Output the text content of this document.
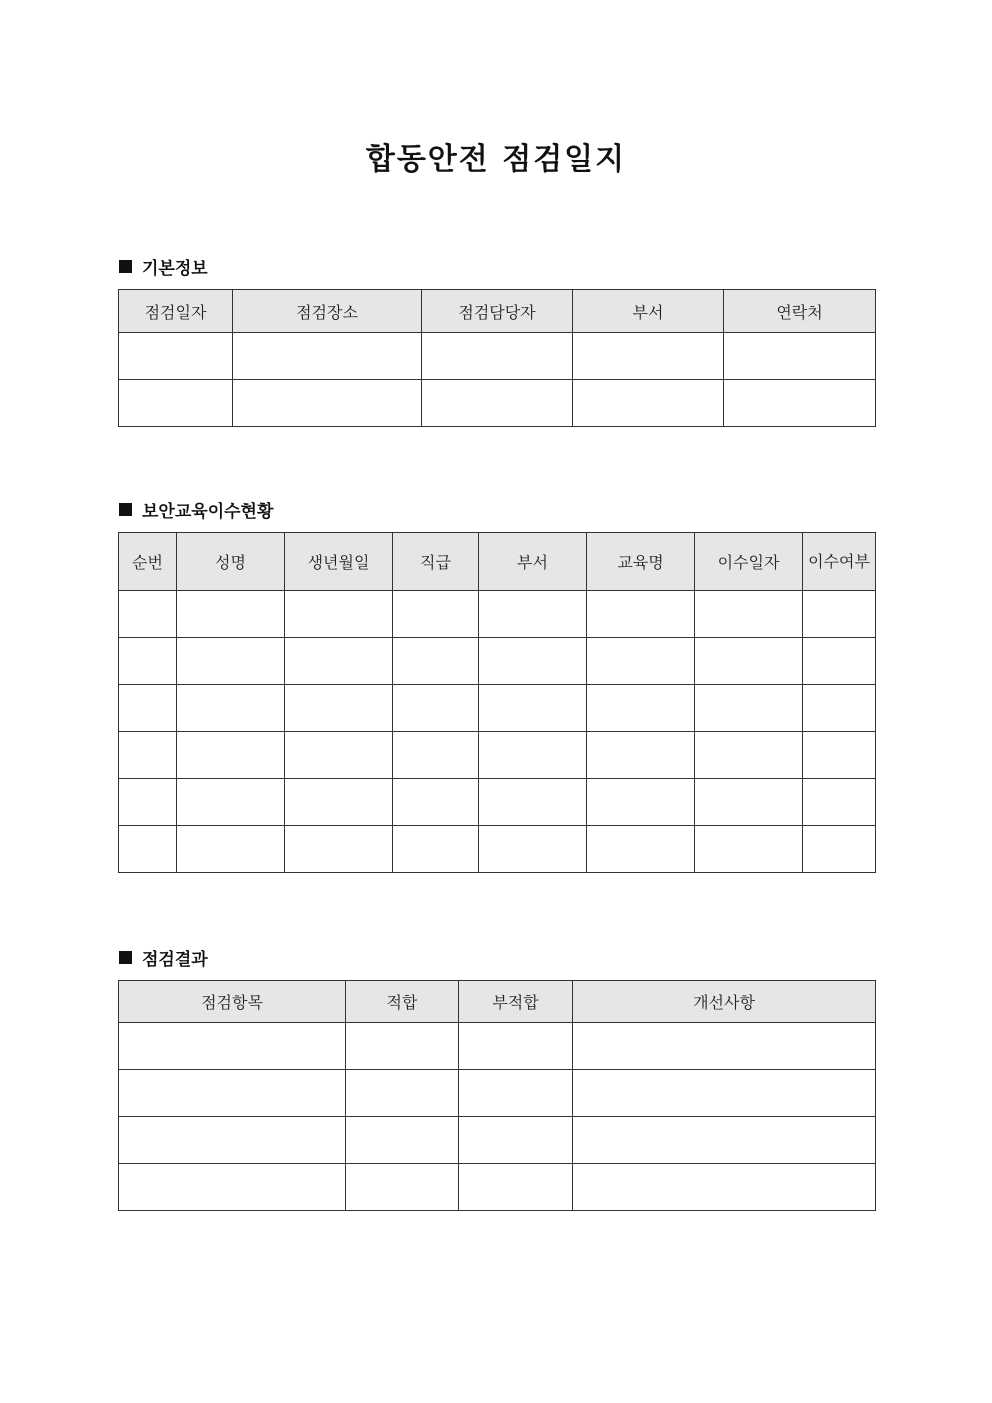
합동안전 점검일지
기본정보
점검일자	점검장소	점검담당자	부서	연락처

보안교육이수현황
순번	성명	생년월일	직급	부서	교육명	이수일자	이수여부

점검결과
점검항목	적합	부적합	개선사항
